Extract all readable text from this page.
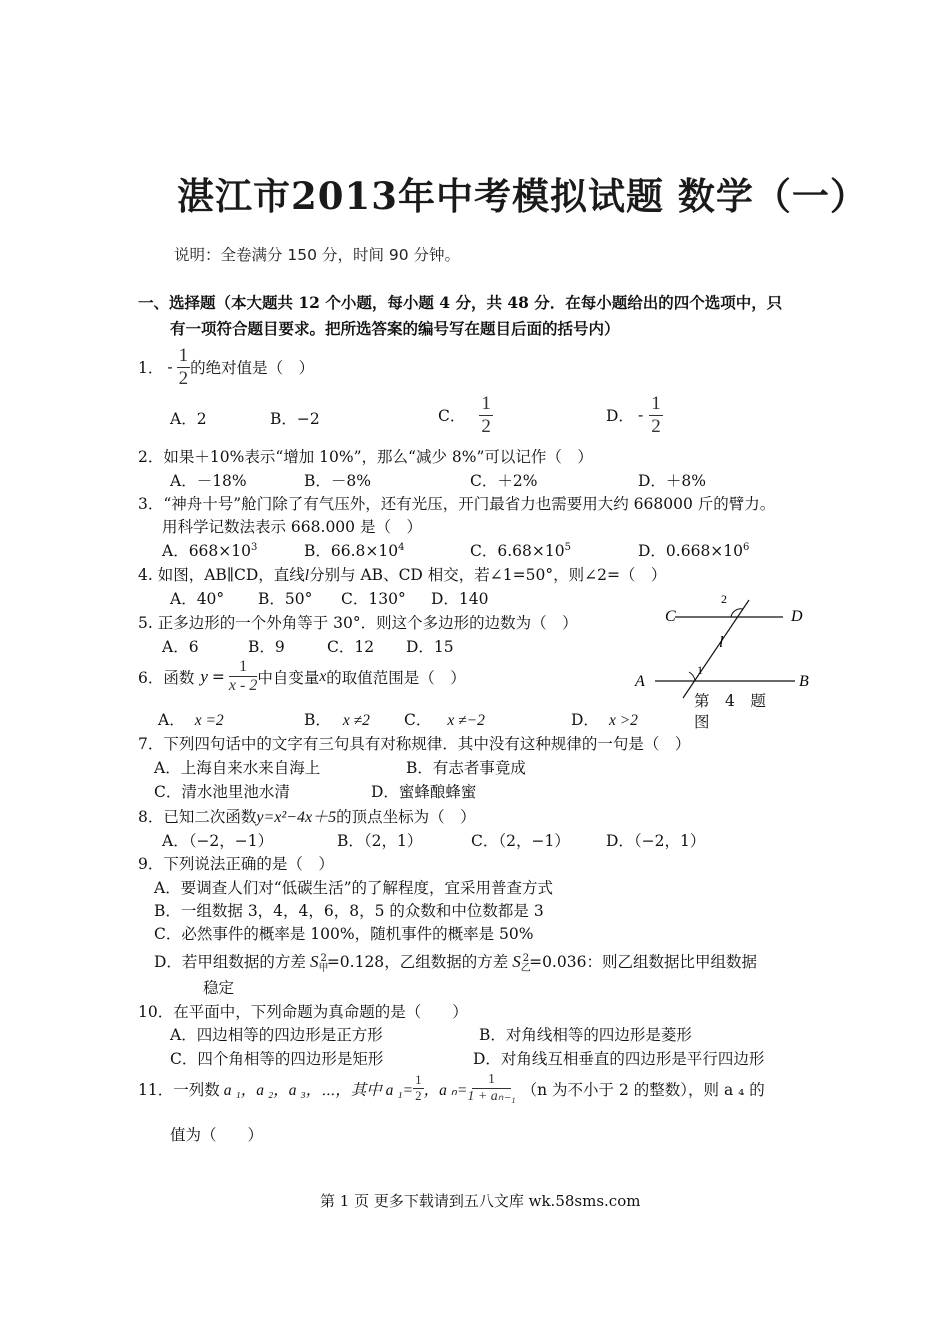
湛江市2013年中考模拟试题 数学（一）
说明：全卷满分 150 分，时间 90 分钟。
一、选择题（本大题共 12 个小题，每小题 4 分，共 48 分．在每小题给出的四个选项中，只
有一项符合题目要求。把所选答案的编号写在题目后面的括号内）
1． - $\frac{1}{2}$ 的绝对值是（　）
A．2	B．−2	C． $\frac{1}{2}$	D． - $\frac{1}{2}$
2．如果＋10%表示“增加 10%”，那么“减少 8%”可以记作（　）
A．－18%	B．－8%	C．＋2%	D．＋8%
3．“神舟十号”舱门除了有气压外，还有光压，开门最省力也需要用大约 668000 斤的臂力。
用科学记数法表示 668.000 是（　）
A．$668\times 10^3$	B．$66.8\times 10^4$	C．$6.68\times 10^5$	D．$0.668\times 10^6$
4. 如图，AB∥CD，直线l分别与 AB、CD 相交，若∠1=50°，则∠2=（　）
A．40° B．50° C．130° D．140
5. 正多边形的一个外角等于 30°．则这个多边形的边数为（　）
A．6	B．9	C．12 D．15
C	D
A	B
l
1
2
第　4　题
图
6．函数 $y = \frac{1}{x - 2}$ 中自变量 x 的取值范围是（　）
A． x =2	B． x ≠2 C． x ≠−2	D． x >2
7．下列四句话中的文字有三句具有对称规律．其中没有这种规律的一句是（　）
A．上海自来水来自海上	B．有志者事竟成
C．清水池里池水清	D．蜜蜂酿蜂蜜
8．已知二次函数y=x²−4x＋5的顶点坐标为（　）
A．（−2，−1）	B．（2，1）	C．（2，−1） D．（−2，1）
9．下列说法正确的是（　）
A．要调查人们对“低碳生活”的了解程度，宜采用普查方式
B．一组数据 3，4，4，6，8，5 的众数和中位数都是 3
C．必然事件的概率是 100%，随机事件的概率是 50%
D．若甲组数据的方差 $S_甲^2=0.128$，乙组数据的方差 $S_乙^2=0.036$：则乙组数据比甲组数据
稳定
10．在平面中，下列命题为真命题的是（　　）
A．四边相等的四边形是正方形	B．对角线相等的四边形是菱形
C．四个角相等的四边形是矩形	D．对角线互相垂直的四边形是平行四边形
11．一列数 a ₁，a ₂，a ₃，⋯，其中 a $_1= \frac{1}{2}$ ，a $_n= \frac{1}{\text{1 + aₙ₋₁}} (n$ 为不小于 2 的整数），则 a ₄ 的
值为（　　）
第 1 页 更多下载请到五八文库 wk.58sms.com
